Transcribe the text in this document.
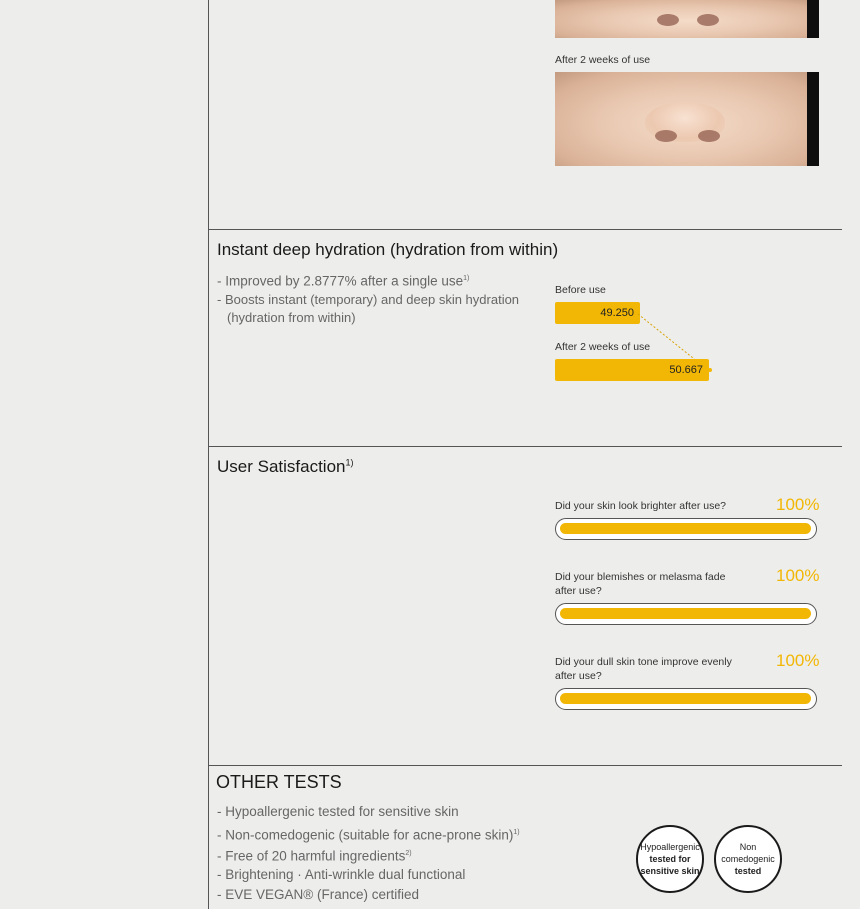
After 2 weeks of use
Instant deep hydration (hydration from within)
- Improved by 2.8777% after a single use$^{1)}$
- Boosts instant (temporary) and deep skin hydration
(hydration from within)
Before use
49.250
After 2 weeks of use
50.667
User Satisfaction$^{1)}$
Did your skin look brighter after use?	100%
Did your blemishes or melasma fade after use?
100%
Did your dull skin tone improve evenly after use?
100%
OTHER TESTS
- Hypoallergenic tested for sensitive skin
- Non-comedogenic (suitable for acne-prone skin)$^{1)}$
- Free of 20 harmful ingredients$^{2)}$
- Brightening · Anti-wrinkle dual functional
- EVE VEGAN® (France) certified
Hypoallergenic
tested for
sensitive skin
Non
comedogenic
tested
